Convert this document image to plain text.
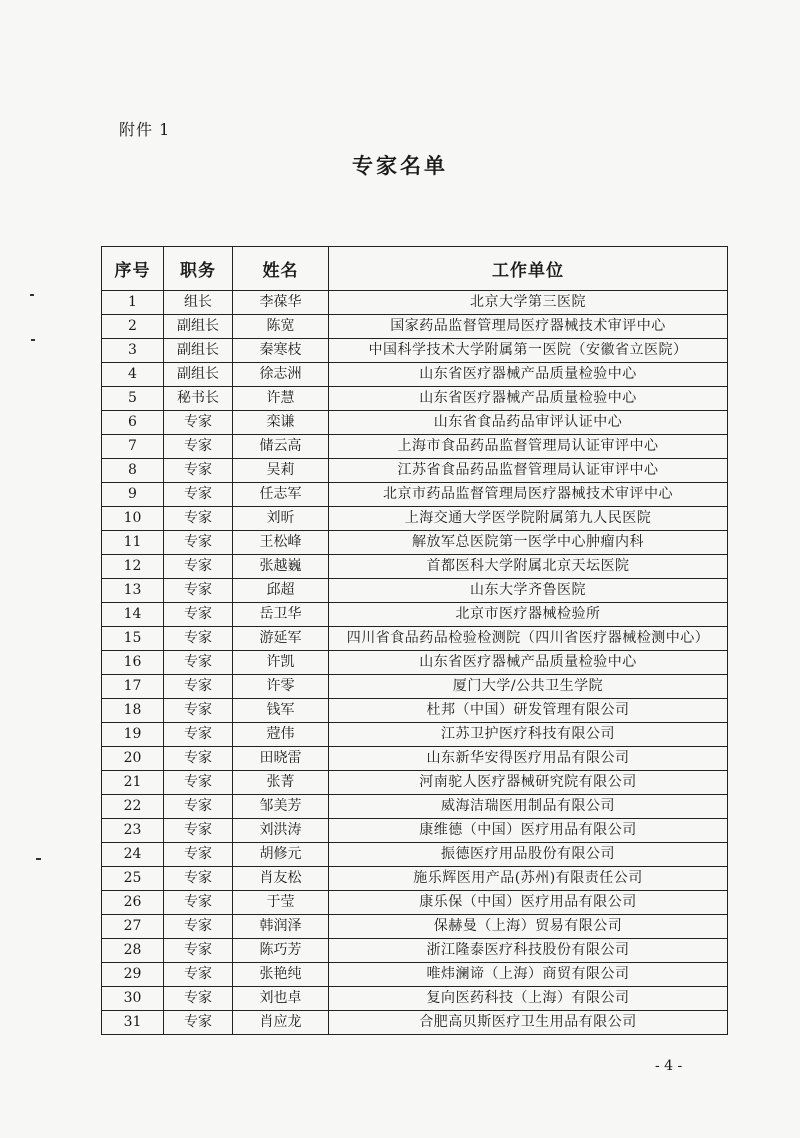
附件 1
专家名单
序号	职务	姓名	工作单位
1	组长	李葆华	北京大学第三医院
2	副组长	陈宽	国家药品监督管理局医疗器械技术审评中心
3	副组长	秦寒枝	中国科学技术大学附属第一医院（安徽省立医院）
4	副组长	徐志洲	山东省医疗器械产品质量检验中心
5	秘书长	许慧	山东省医疗器械产品质量检验中心
6	专家	栾谦	山东省食品药品审评认证中心
7	专家	储云高	上海市食品药品监督管理局认证审评中心
8	专家	吴莉	江苏省食品药品监督管理局认证审评中心
9	专家	任志军	北京市药品监督管理局医疗器械技术审评中心
10	专家	刘昕	上海交通大学医学院附属第九人民医院
11	专家	王松峰	解放军总医院第一医学中心肿瘤内科
12	专家	张越巍	首都医科大学附属北京天坛医院
13	专家	邱超	山东大学齐鲁医院
14	专家	岳卫华	北京市医疗器械检验所
15	专家	游延军	四川省食品药品检验检测院（四川省医疗器械检测中心）
16	专家	许凯	山东省医疗器械产品质量检验中心
17	专家	许零	厦门大学/公共卫生学院
18	专家	钱军	杜邦（中国）研发管理有限公司
19	专家	蒄伟	江苏卫护医疗科技有限公司
20	专家	田晓雷	山东新华安得医疗用品有限公司
21	专家	张菁	河南驼人医疗器械研究院有限公司
22	专家	邹美芳	威海洁瑞医用制品有限公司
23	专家	刘洪涛	康维德（中国）医疗用品有限公司
24	专家	胡修元	振德医疗用品股份有限公司
25	专家	肖友松	施乐辉医用产品(苏州)有限责任公司
26	专家	于莹	康乐保（中国）医疗用品有限公司
27	专家	韩润泽	保赫曼（上海）贸易有限公司
28	专家	陈巧芳	浙江隆泰医疗科技股份有限公司
29	专家	张艳纯	唯炜澜谛（上海）商贸有限公司
30	专家	刘也卓	复向医药科技（上海）有限公司
31	专家	肖应龙	合肥高贝斯医疗卫生用品有限公司
- 4 -
